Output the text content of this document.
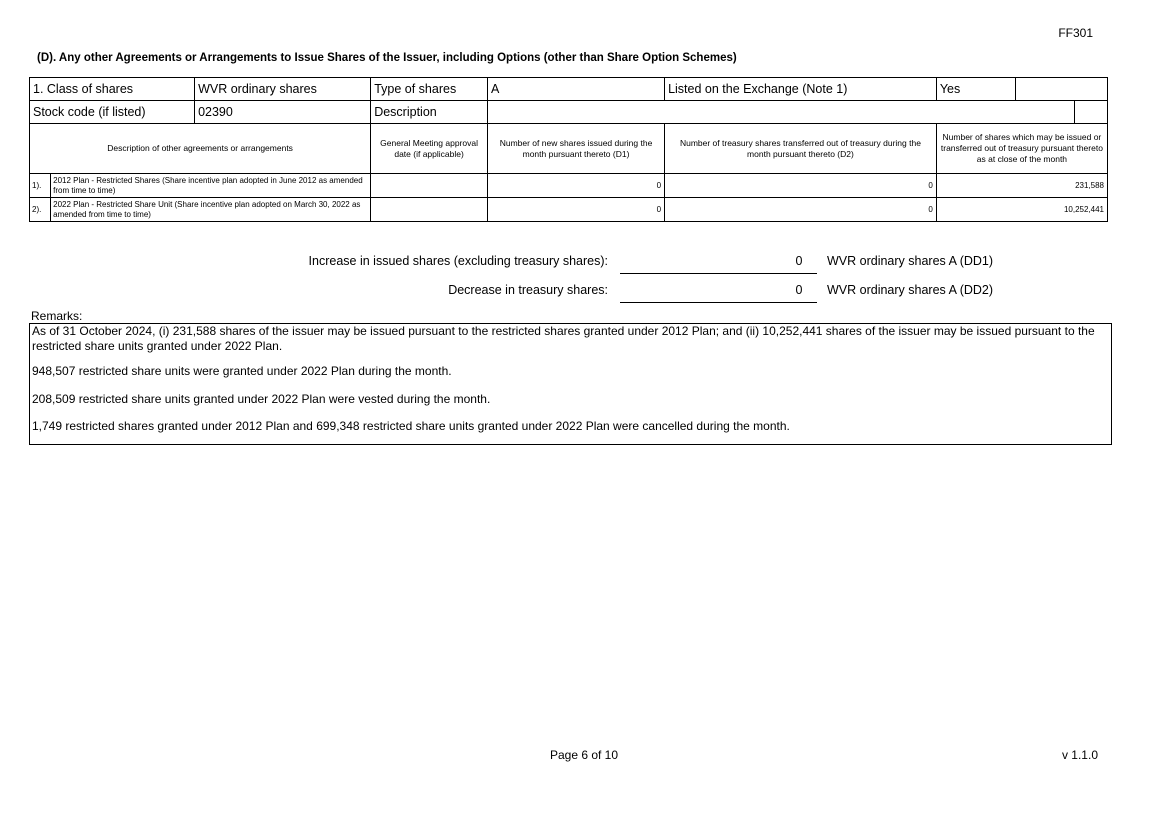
FF301
(D). Any other Agreements or Arrangements to Issue Shares of the Issuer, including Options (other than Share Option Schemes)
1. Class of shares		WVR ordinary shares	Type of shares	A	Listed on the Exchange (Note 1)	Yes		
Stock code (if listed)		02390	Description					
Description of other agreements or arrangements			General Meeting approval date (if applicable)	Number of new shares issued during the month pursuant thereto (D1)	Number of treasury shares transferred out of treasury during the month pursuant thereto (D2)	Number of shares which may be issued or transferred out of treasury pursuant thereto as at close of the month		
1).	2012 Plan - Restricted Shares (Share incentive plan adopted in June 2012 as amended from time to time)			0	0	231,588		
2).	2022 Plan - Restricted Share Unit (Share incentive plan adopted on March 30, 2022 as amended from time to time)			0	0	10,252,441		
Increase in issued shares (excluding treasury shares):	0 WVR ordinary shares A (DD1)
Decrease in treasury shares:	0 WVR ordinary shares A (DD2)
Remarks:

As of 31 October 2024, (i) 231,588 shares of the issuer may be issued pursuant to the restricted shares granted under 2012 Plan; and (ii) 10,252,441 shares of the issuer may be issued pursuant to the restricted share units granted under 2022 Plan.

948,507 restricted share units were granted under 2022 Plan during the month.

208,509 restricted share units granted under 2022 Plan were vested during the month.

1,749 restricted shares granted under 2012 Plan and 699,348 restricted share units granted under 2022 Plan were cancelled during the month.

Page 6 of 10	v 1.1.0
